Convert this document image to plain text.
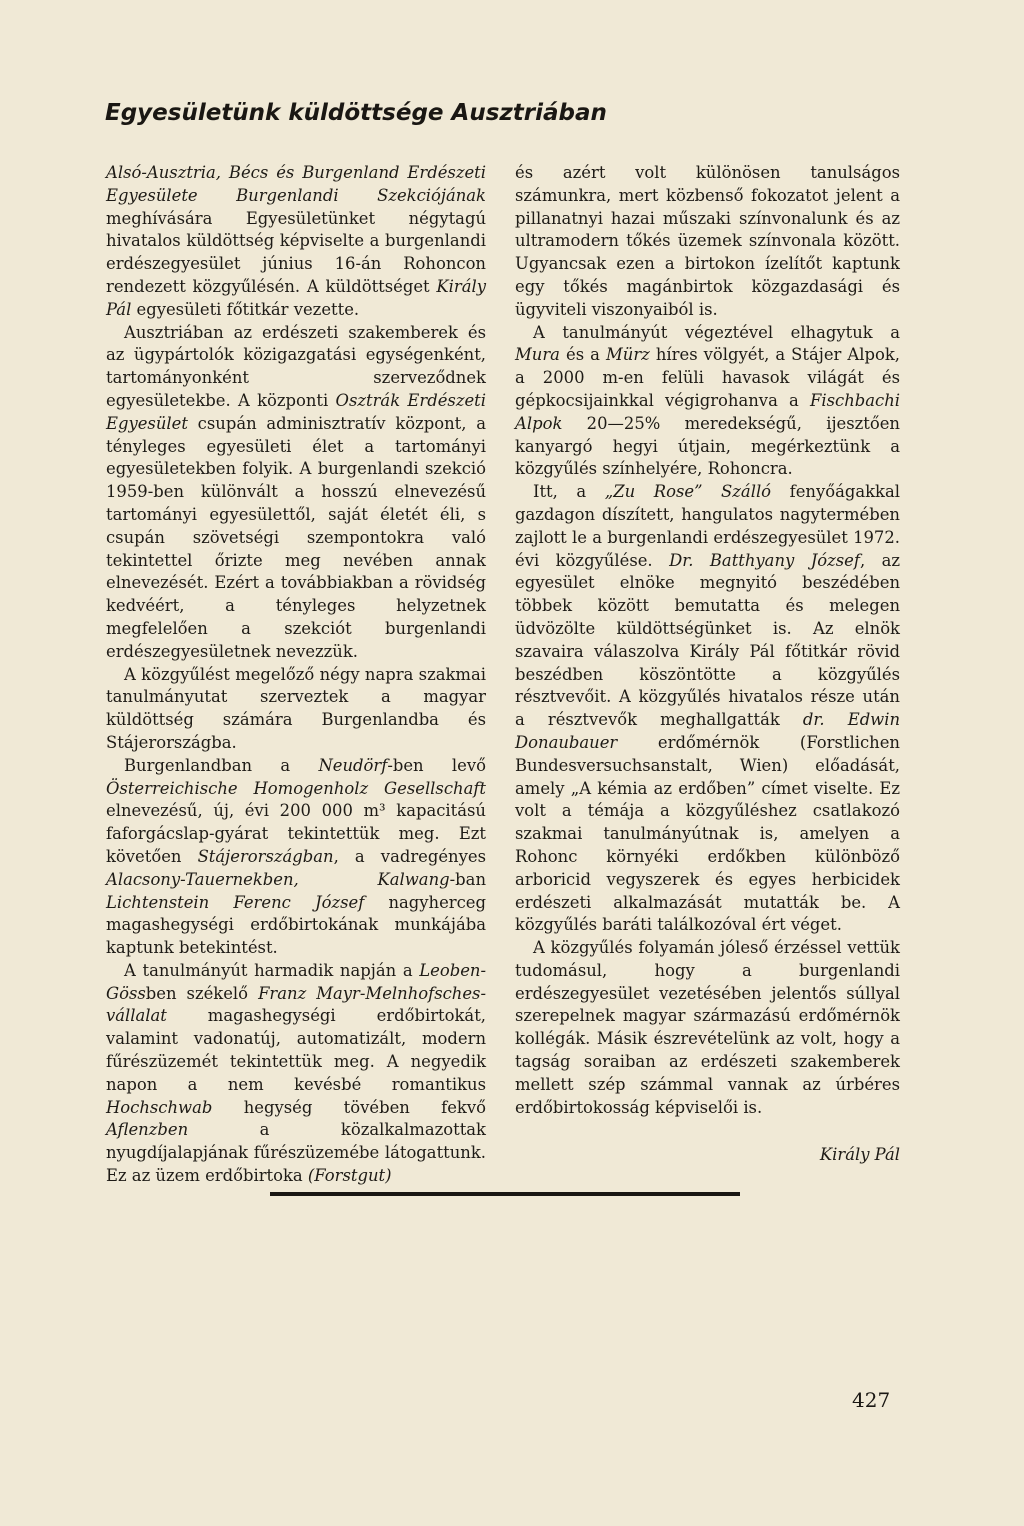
Egyesületünk küldöttsége Ausztriában

Alsó-Ausztria, Bécs és Burgenland Erdészeti Egyesülete Burgenlandi Szekciójának meghívására Egyesületünket négytagú hivatalos küldöttség képviselte a burgenlandi erdészegyesület június 16-án Rohoncon rendezett közgyűlésén. A küldöttséget Király Pál egyesületi főtitkár vezette.

Ausztriában az erdészeti szakemberek és az ügypártolók közigazgatási egységenként, tartományonként szerveződnek egyesületekbe. A központi Osztrák Erdészeti Egyesület csupán adminisztratív központ, a tényleges egyesületi élet a tartományi egyesületekben folyik. A burgenlandi szekció 1959-ben különvált a hosszú elnevezésű tartományi egyesülettől, saját életét éli, s csupán szövetségi szempontokra való tekintettel őrizte meg nevében annak elnevezését. Ezért a továbbiakban a rövidség kedvéért, a tényleges helyzetnek megfelelően a szekciót burgenlandi erdészegyesületnek nevezzük.

A közgyűlést megelőző négy napra szakmai tanulmányutat szerveztek a magyar küldöttség számára Burgenlandba és Stájerországba.

Burgenlandban a Neudörf-ben levő Österreichische Homogenholz Gesellschaft elnevezésű, új, évi 200 000 m³ kapacitású faforgácslap-gyárat tekintettük meg. Ezt követően Stájerországban, a vadregényes Alacsony-Tauernekben, Kalwang-ban Lichtenstein Ferenc József nagyherceg magashegységi erdőbirtokának munkájába kaptunk betekintést.

A tanulmányút harmadik napján a Leoben-Gössben székelő Franz Mayr-Melnhofsches-vállalat magashegységi erdőbirtokát, valamint vadonatúj, automatizált, modern fűrészüzemét tekintettük meg. A negyedik napon a nem kevésbé romantikus Hochschwab hegység tövében fekvő Aflenzben a közalkalmazottak nyugdíjalapjának fűrészüzemébe látogattunk. Ez az üzem erdőbirtoka (Forstgut)

és azért volt különösen tanulságos számunkra, mert közbenső fokozatot jelent a pillanatnyi hazai műszaki színvonalunk és az ultramodern tőkés üzemek színvonala között. Ugyancsak ezen a birtokon ízelítőt kaptunk egy tőkés magánbirtok közgazdasági és ügyviteli viszonyaiból is.

A tanulmányút végeztével elhagytuk a Mura és a Mürz híres völgyét, a Stájer Alpok, a 2000 m-en felüli havasok világát és gépkocsijainkkal végigrohanva a Fischbachi Alpok 20—25% meredekségű, ijesztően kanyargó hegyi útjain, megérkeztünk a közgyűlés színhelyére, Rohoncra.

Itt, a „Zu Rose” Szálló fenyőágakkal gazdagon díszített, hangulatos nagytermében zajlott le a burgenlandi erdészegyesület 1972. évi közgyűlése. Dr. Batthyany József, az egyesület elnöke megnyitó beszédében többek között bemutatta és melegen üdvözölte küldöttségünket is. Az elnök szavaira válaszolva Király Pál főtitkár rövid beszédben köszöntötte a közgyűlés résztvevőit. A közgyűlés hivatalos része után a résztvevők meghallgatták dr. Edwin Donaubauer erdőmérnök (Forstlichen Bundesversuchsanstalt, Wien) előadását, amely „A kémia az erdőben” címet viselte. Ez volt a témája a közgyűléshez csatlakozó szakmai tanulmányútnak is, amelyen a Rohonc környéki erdőkben különböző arboricid vegyszerek és egyes herbicidek erdészeti alkalmazását mutatták be. A közgyűlés baráti találkozóval ért véget.

A közgyűlés folyamán jóleső érzéssel vettük tudomásul, hogy a burgenlandi erdészegyesület vezetésében jelentős súllyal szerepelnek magyar származású erdőmérnök kollégák. Másik észrevételünk az volt, hogy a tagság soraiban az erdészeti szakemberek mellett szép számmal vannak az úrbéres erdőbirtokosság képviselői is.

Király Pál
427
